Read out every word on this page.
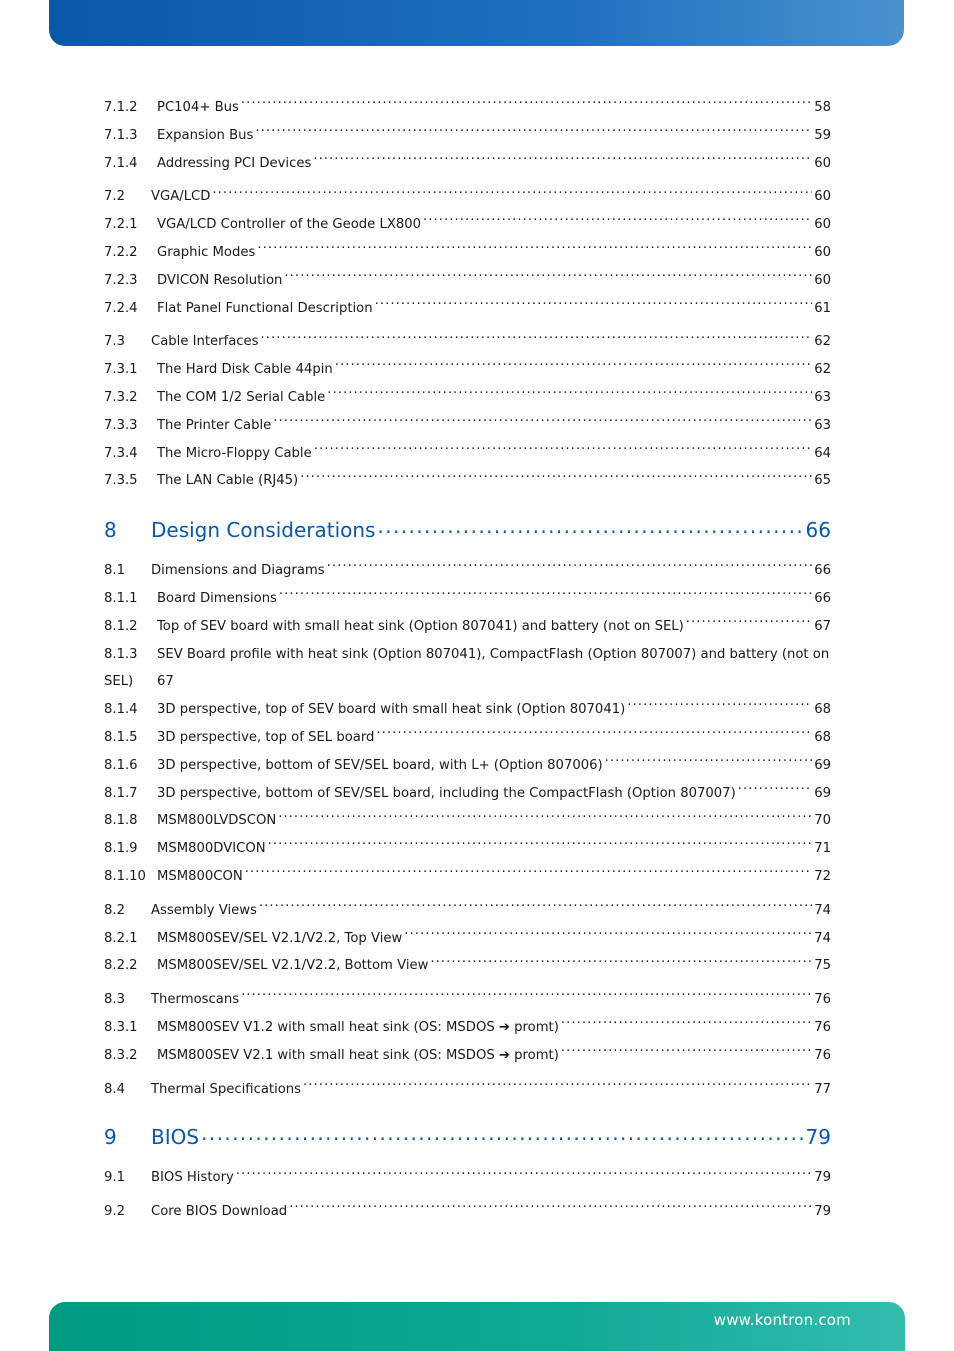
7.1.2	PC104+ Bus .....	58
7.1.3	Expansion Bus .....	59
7.1.4	Addressing PCI Devices .....	60
7.2	VGA/LCD .....	60
7.2.1	VGA/LCD Controller of the Geode LX800 .....	60
7.2.2	Graphic Modes .....	60
7.2.3	DVICON Resolution .....	60
7.2.4	Flat Panel Functional Description .....	61
7.3	Cable Interfaces .....	62
7.3.1	The Hard Disk Cable 44pin .....	62
7.3.2	The COM 1/2 Serial Cable .....	63
7.3.3	The Printer Cable .....	63
7.3.4	The Micro-Floppy Cable .....	64
7.3.5	The LAN Cable (RJ45) .....	65
8	Design Considerations .....	66
8.1	Dimensions and Diagrams .....	66
8.1.1	Board Dimensions .....	66
8.1.2	Top of SEV board with small heat sink (Option 807041) and battery (not on SEL) .....	67
8.1.3	SEV Board profile with heat sink (Option 807041), CompactFlash (Option 807007) and battery (not on
SEL)	67
8.1.4	3D perspective, top of SEV board with small heat sink (Option 807041) .....	68
8.1.5	3D perspective, top of SEL board .....	68
8.1.6	3D perspective, bottom of SEV/SEL board, with L+ (Option 807006) .....	69
8.1.7	3D perspective, bottom of SEV/SEL board, including the CompactFlash (Option 807007) .....	69
8.1.8	MSM800LVDSCON .....	70
8.1.9	MSM800DVICON .....	71
8.1.10 MSM800CON .....	72
8.2	Assembly Views .....	74
8.2.1	MSM800SEV/SEL V2.1/V2.2, Top View .....	74
8.2.2	MSM800SEV/SEL V2.1/V2.2, Bottom View .....	75
8.3	Thermoscans .....	76
8.3.1	MSM800SEV V1.2 with small heat sink (OS: MSDOS ➔ promt) .....	76
8.3.2	MSM800SEV V2.1 with small heat sink (OS: MSDOS ➔ promt) .....	76
8.4	Thermal Specifications .....	77
9	BIOS .....	79
9.1	BIOS History .....	79
9.2	Core BIOS Download .....	79
www.kontron.com
